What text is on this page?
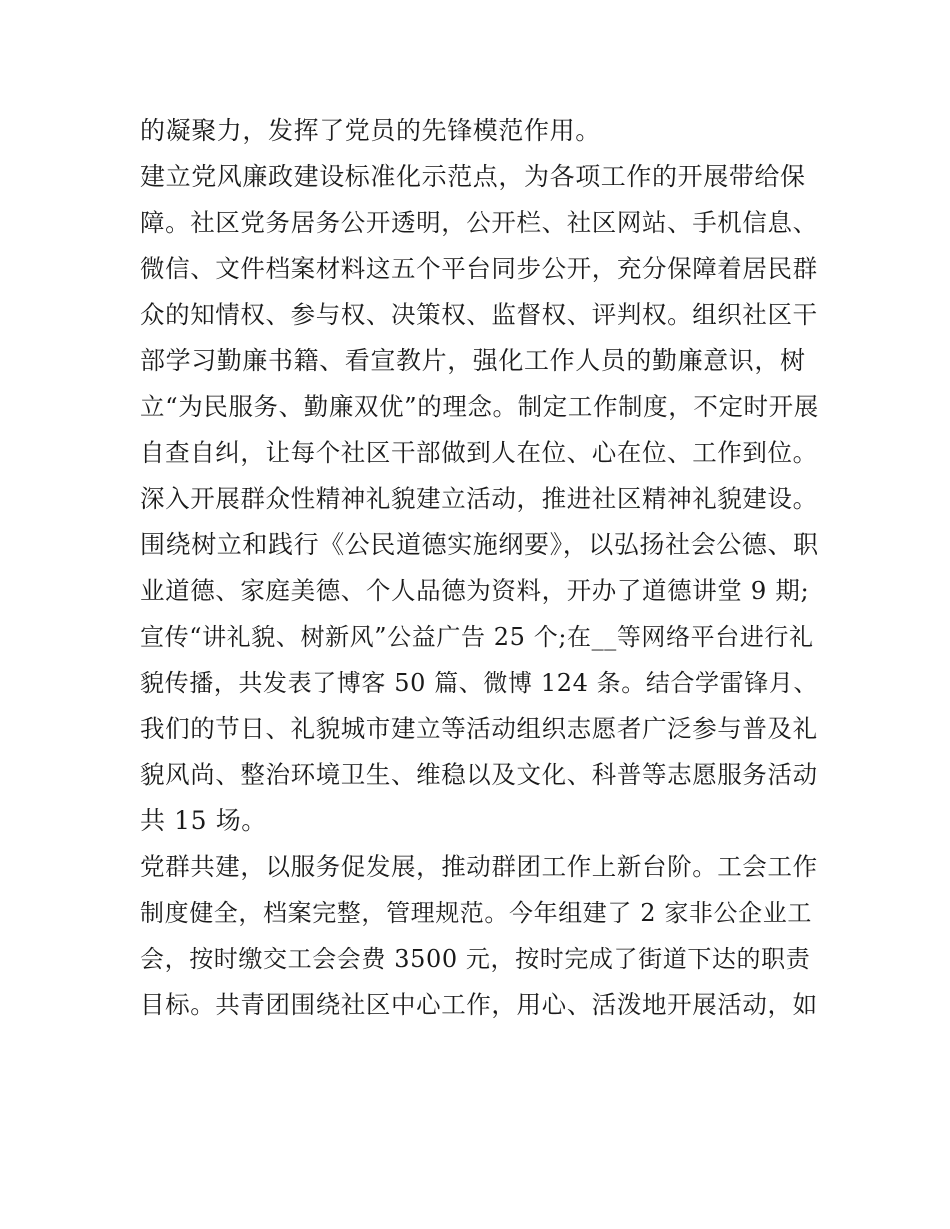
的凝聚力，发挥了党员的先锋模范作用。
建立党风廉政建设标准化示范点，为各项工作的开展带给保
障。社区党务居务公开透明，公开栏、社区网站、手机信息、
微信、文件档案材料这五个平台同步公开，充分保障着居民群
众的知情权、参与权、决策权、监督权、评判权。组织社区干
部学习勤廉书籍、看宣教片，强化工作人员的勤廉意识，树
立“为民服务、勤廉双优”的理念。制定工作制度，不定时开展
自查自纠，让每个社区干部做到人在位、心在位、工作到位。
深入开展群众性精神礼貌建立活动，推进社区精神礼貌建设。
围绕树立和践行《公民道德实施纲要》，以弘扬社会公德、职
业道德、家庭美德、个人品德为资料，开办了道德讲堂 9 期;
宣传“讲礼貌、树新风”公益广告 25 个;在__等网络平台进行礼
貌传播，共发表了博客 50 篇、微博 124 条。结合学雷锋月、
我们的节日、礼貌城市建立等活动组织志愿者广泛参与普及礼
貌风尚、整治环境卫生、维稳以及文化、科普等志愿服务活动
共 15 场。
党群共建，以服务促发展，推动群团工作上新台阶。工会工作
制度健全，档案完整，管理规范。今年组建了 2 家非公企业工
会，按时缴交工会会费 3500 元，按时完成了街道下达的职责
目标。共青团围绕社区中心工作，用心、活泼地开展活动，如
